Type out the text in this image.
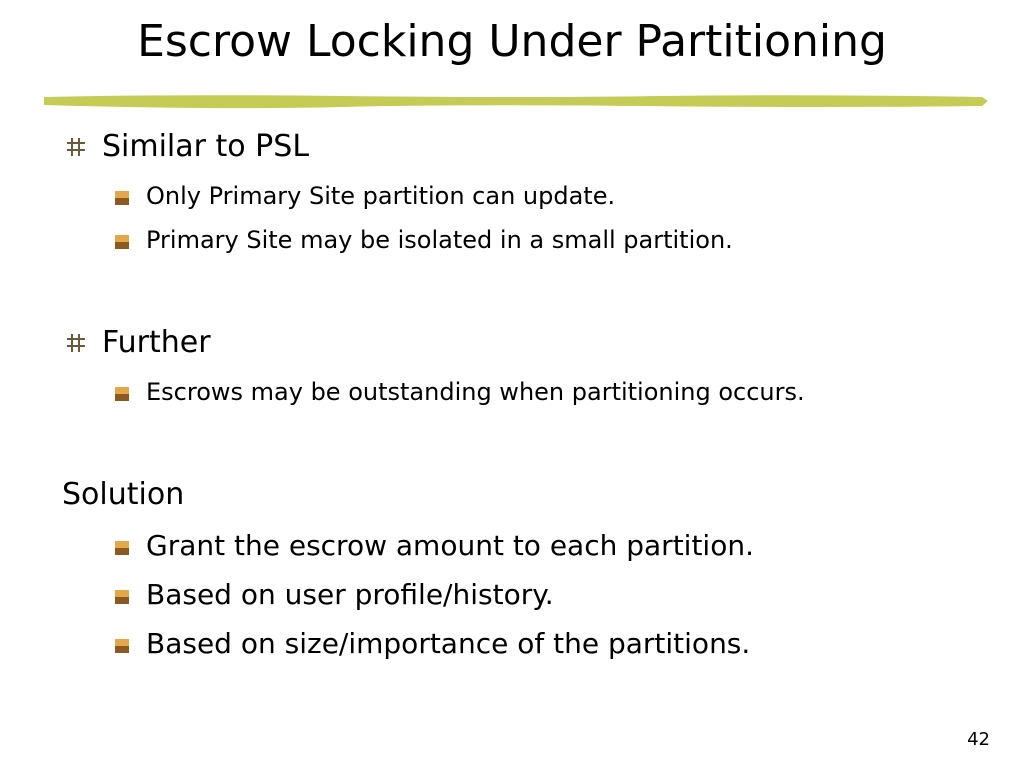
Escrow Locking Under Partitioning
Similar to PSL
Only Primary Site partition can update.
Primary Site may be isolated in a small partition.
Further
Escrows may be outstanding when partitioning occurs.
Solution
Grant the escrow amount to each partition.
Based on user profile/history.
Based on size/importance of the partitions.
42
